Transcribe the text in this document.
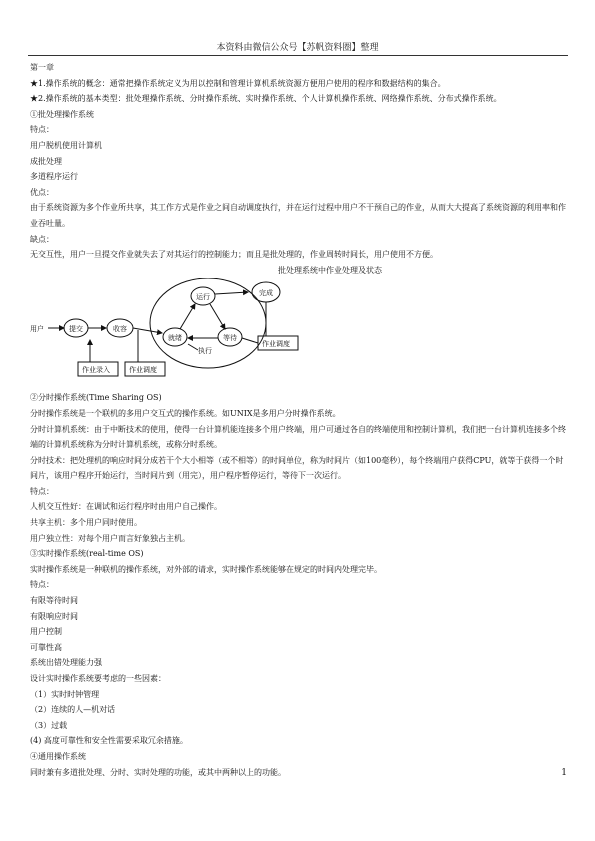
本资料由微信公众号【苏帆资料圈】整理
第一章
★1.操作系统的概念：通常把操作系统定义为用以控制和管理计算机系统资源方便用户使用的程序和数据结构的集合。
★2.操作系统的基本类型：批处理操作系统、分时操作系统、实时操作系统、个人计算机操作系统、网络操作系统、分布式操作系统。
①批处理操作系统
特点：
用户脱机使用计算机
成批处理
多道程序运行
优点：
由于系统资源为多个作业所共享，其工作方式是作业之间自动调度执行，并在运行过程中用户不干预自己的作业，从而大大提高了系统资源的利用率和作业吞吐量。
缺点：
无交互性，用户一旦提交作业就失去了对其运行的控制能力；而且是批处理的，作业周转时间长，用户使用不方便。
批处理系统中作业处理及状态
用户	提交	收容
运行	完成
就绪	等待
执行
作业录入	作业调度
作业调度
②分时操作系统(Time Sharing OS)
分时操作系统是一个联机的多用户交互式的操作系统。如UNIX是多用户分时操作系统。
分时计算机系统：由于中断技术的使用，使得一台计算机能连接多个用户终端，用户可通过各自的终端使用和控制计算机，我们把一台计算机连接多个终端的计算机系统称为分时计算机系统，或称分时系统。
分时技术：把处理机的响应时间分成若干个大小相等（或不相等）的时间单位，称为时间片（如100毫秒），每个终端用户获得CPU，就等于获得一个时间片，该用户程序开始运行，当时间片到（用完），用户程序暂停运行，等待下一次运行。
特点：
人机交互性好：在调试和运行程序时由用户自己操作。
共享主机：多个用户同时使用。
用户独立性：对每个用户而言好象独占主机。
③实时操作系统(real-time OS)
实时操作系统是一种联机的操作系统，对外部的请求，实时操作系统能够在规定的时间内处理完毕。
特点：
有限等待时间
有限响应时间
用户控制
可靠性高
系统出错处理能力强
设计实时操作系统要考虑的一些因素：
（1）实时时钟管理
（2）连续的人—机对话
（3）过载
(4) 高度可靠性和安全性需要采取冗余措施。
④通用操作系统
同时兼有多道批处理、分时、实时处理的功能，或其中两种以上的功能。	1
